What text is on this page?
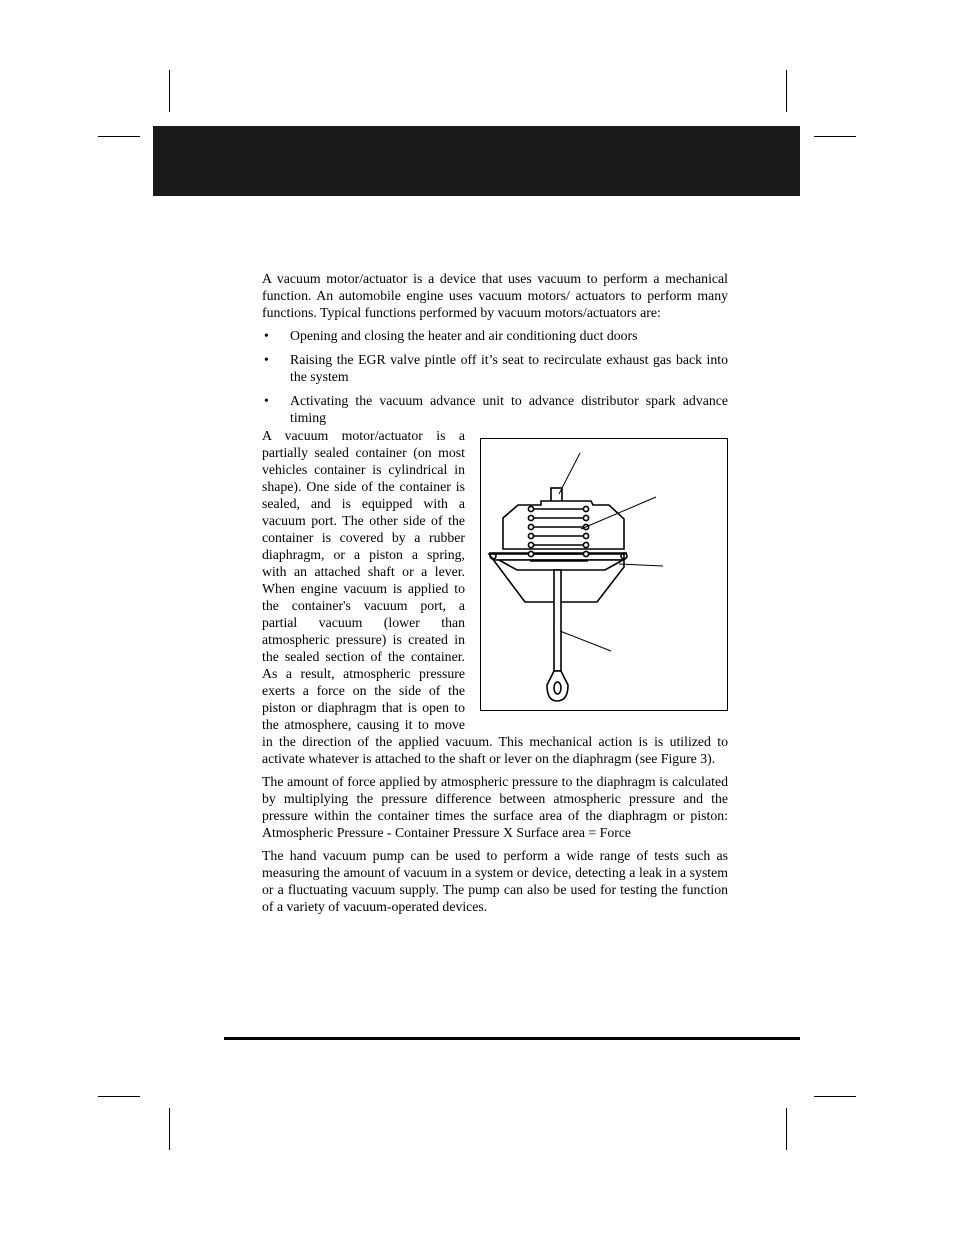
A vacuum motor/actuator is a device that uses vacuum to perform a mechanical function. An automobile engine uses vacuum motors/ actuators to perform many functions. Typical functions performed by vacuum motors/actuators are:

• Opening and closing the heater and air conditioning duct doors
• Raising the EGR valve pintle off it’s seat to recirculate exhaust gas back into the system
• Activating the vacuum advance unit to advance distributor spark advance timing

A vacuum motor/actuator is a partially sealed container (on most vehicles container is cylindrical in shape). One side of the container is sealed, and is equipped with a vacuum port. The other side of the container is covered by a rubber diaphragm, or a piston a spring, with an attached shaft or a lever. When engine vacuum is applied to the container's vacuum port, a partial vacuum (lower than atmospheric pressure) is created in the sealed section of the container. As a result, atmospheric pressure exerts a force on the side of the piston or diaphragm that is open to the atmosphere, causing it to move in the direction of the applied vacuum. This mechanical action is is utilized to activate whatever is attached to the shaft or lever on the diaphragm (see Figure 3).

The amount of force applied by atmospheric pressure to the diaphragm is calculated by multiplying the pressure difference between atmospheric pressure and the pressure within the container times the surface area of the diaphragm or piston: Atmospheric Pressure - Container Pressure X Surface area = Force

The hand vacuum pump can be used to perform a wide range of tests such as measuring the amount of vacuum in a system or device, detecting a leak in a system or a fluctuating vacuum supply. The pump can also be used for testing the function of a variety of vacuum-operated devices.
